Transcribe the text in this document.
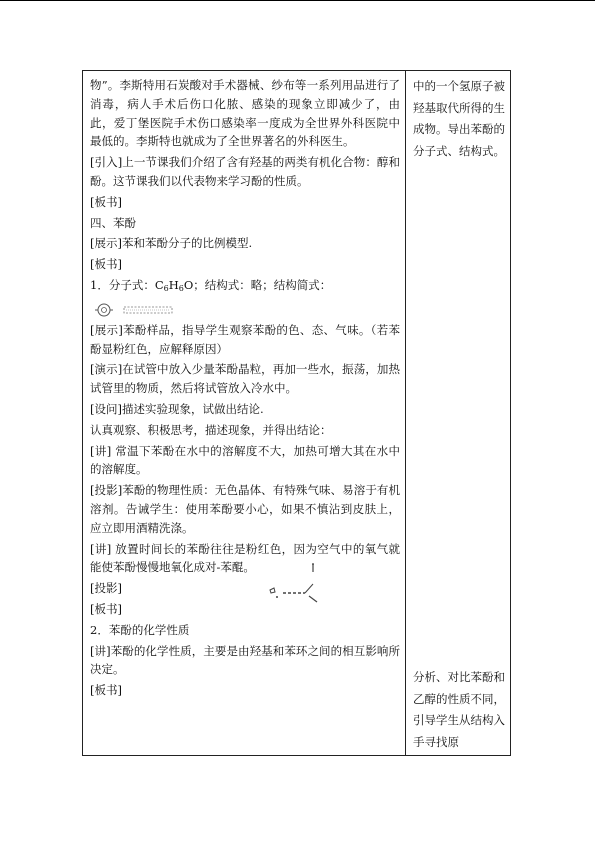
物”。李斯特用石炭酸对手术器械、纱布等一系列用品进行了消毒，病人手术后伤口化脓、感染的现象立即减少了，由此，爱丁堡医院手术伤口感染率一度成为全世界外科医院中最低的。李斯特也就成为了全世界著名的外科医生。

[引入]上一节课我们介绍了含有羟基的两类有机化合物：醇和酚。这节课我们以代表物来学习酚的性质。

[板书]

四、苯酚

[展示]苯和苯酚分子的比例模型.

[板书]

1．分子式：$C_6H_6O$；结构式：略；结构简式：

[展示]苯酚样品，指导学生观察苯酚的色、态、气味。（若苯酚显粉红色，应解释原因）

[演示]在试管中放入少量苯酚晶粒，再加一些水，振荡，加热试管里的物质，然后将试管放入冷水中。

[设问]描述实验现象，试做出结论.

认真观察、积极思考，描述现象，并得出结论：

[讲] 常温下苯酚在水中的溶解度不大，加热可增大其在水中的溶解度。

[投影]苯酚的物理性质：无色晶体、有特殊气味、易溶于有机溶剂。告诫学生：使用苯酚要小心，如果不慎沾到皮肤上，应立即用酒精洗涤。

[讲] 放置时间长的苯酚往往是粉红色，因为空气中的氧气就能使苯酚慢慢地氧化成对-苯醌。

[投影]

[板书]

2．苯酚的化学性质

[讲]苯酚的化学性质，主要是由羟基和苯环之间的相互影响所决定。

[板书]

中的一个氢原子被羟基取代所得的生成物。导出苯酚的分子式、结构式。
分析、对比苯酚和乙醇的性质不同，引导学生从结构入手寻找原
